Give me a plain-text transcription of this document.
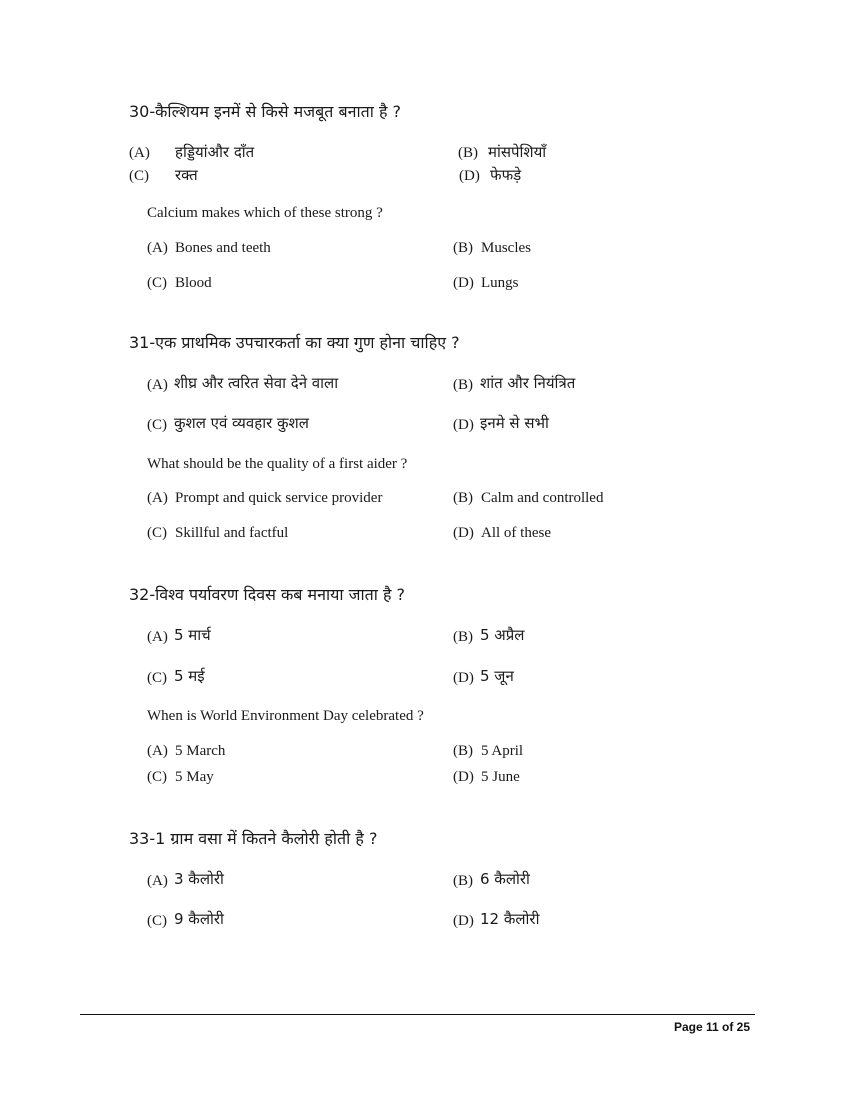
30-कैल्शियम इनमें से किसे मजबूत बनाता है ?
(A) हड्डियांऔर दाँत	(B) मांसपेशियाँ
(C) रक्त	(D) फेफड़े
Calcium makes which of these strong ?
(A) Bones and teeth	(B) Muscles
(C) Blood	(D) Lungs
31-एक प्राथमिक उपचारकर्ता का क्या गुण होना चाहिए ?
(A) शीघ्र और त्वरित सेवा देने वाला	(B) शांत और नियंत्रित
(C) कुशल एवं व्यवहार कुशल	(D) इनमे से सभी
What should be the quality of a first aider ?
(A) Prompt and quick service provider	(B) Calm and controlled
(C) Skillful and factful	(D) All of these
32-विश्व पर्यावरण दिवस कब मनाया जाता है ?
(A) 5 मार्च	(B) 5 अप्रैल
(C) 5 मई	(D) 5 जून
When is World Environment Day celebrated ?
(A) 5 March	(B) 5 April
(C) 5 May	(D) 5 June
33-1 ग्राम वसा में कितने कैलोरी होती है ?
(A) 3 कैलोरी	(B) 6 कैलोरी
(C) 9 कैलोरी	(D) 12 कैलोरी
Page 11 of 25
